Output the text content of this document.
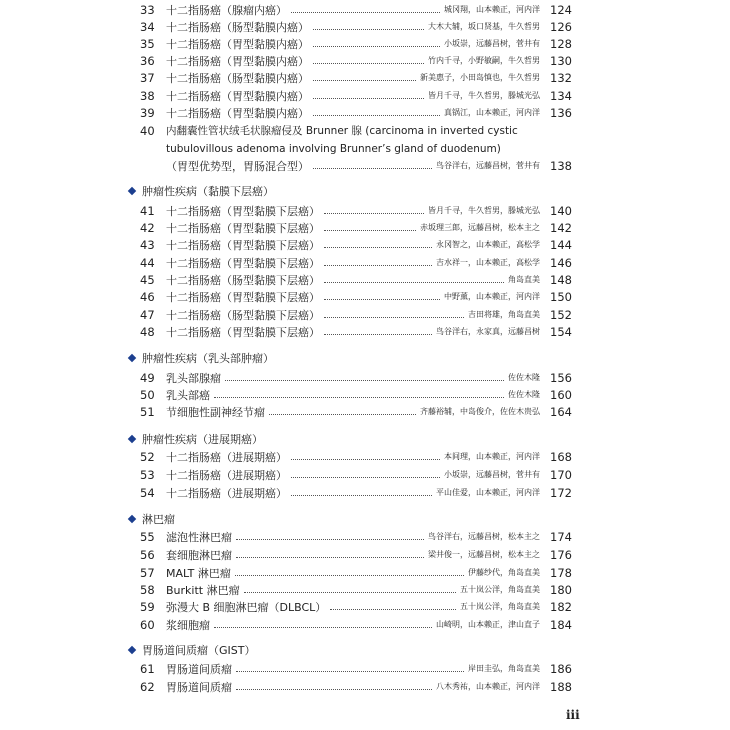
33	十二指肠癌（腺瘤内癌）	城冈翔，山本赖正，河内洋 124
34	十二指肠癌（肠型黏膜内癌）	大木大辅，坂口贤基，牛久哲男 126
35	十二指肠癌（胃型黏膜内癌）	小坂崇，远藤昌树，菅井有 128
36	十二指肠癌（胃型黏膜内癌）	竹内千寻，小野敏嗣，牛久哲男 130
37	十二指肠癌（肠型黏膜内癌）	新美惠子，小田岛慎也，牛久哲男 132
38	十二指肠癌（胃型黏膜内癌）	皆月千寻，牛久哲男，滕城光弘 134
39	十二指肠癌（胃型黏膜内癌）	真锅江，山本赖正，河内洋 136
40	内翻囊性管状绒毛状腺瘤侵及 Brunner 腺 (carcinoma in inverted cystic
tubulovillous adenoma involving Brunner’s gland of duodenum)
（胃型优势型，胃肠混合型）	鸟谷洋右，远藤昌树，菅井有 138
肿瘤性疾病（黏膜下层癌）
41	十二指肠癌（胃型黏膜下层癌）	皆月千寻，牛久哲男，滕城光弘 140
42	十二指肠癌（胃型黏膜下层癌）	赤坂理三郎，远藤昌树，松本主之 142
43	十二指肠癌（胃型黏膜下层癌）	永冈智之，山本赖正，高松学 144
44	十二指肠癌（胃型黏膜下层癌）	吉水祥一，山本赖正，高松学 146
45	十二指肠癌（肠型黏膜下层癌）	角岛直美 148
46	十二指肠癌（胃型黏膜下层癌）	中野薰，山本赖正，河内洋 150
47	十二指肠癌（肠型黏膜下层癌）	吉田将雄，角岛直美 152
48	十二指肠癌（胃型黏膜下层癌）	鸟谷洋右，永家真，远藤昌树 154
肿瘤性疾病（乳头部肿瘤）
49	乳头部腺瘤	佐佐木隆 156
50	乳头部癌	佐佐木隆 160
51	节细胞性副神经节瘤	齐藤裕辅，中岛俊介，佐佐木贵弘 164
肿瘤性疾病（进展期癌）
52	十二指肠癌（进展期癌）	本间理，山本赖正，河内洋 168
53	十二指肠癌（进展期癌）	小坂崇，远藤昌树，菅井有 170
54	十二指肠癌（进展期癌）	平山佳爱，山本赖正，河内洋 172
淋巴瘤
55	滤泡性淋巴瘤	鸟谷洋右，远藤昌树，松本主之 174
56	套细胞淋巴瘤	梁井俊一，远藤昌树，松本主之 176
57	MALT 淋巴瘤	伊藤纱代，角岛直美 178
58	Burkitt 淋巴瘤	五十岚公洋，角岛直美 180
59	弥漫大 B 细胞淋巴瘤（DLBCL）	五十岚公洋，角岛直美 182
60	浆细胞瘤	山崎明，山本赖正，津山直子 184
胃肠道间质瘤（GIST）
61	胃肠道间质瘤	岸田圭弘，角岛直美 186
62	胃肠道间质瘤	八木秀祐，山本赖正，河内洋 188
iii
